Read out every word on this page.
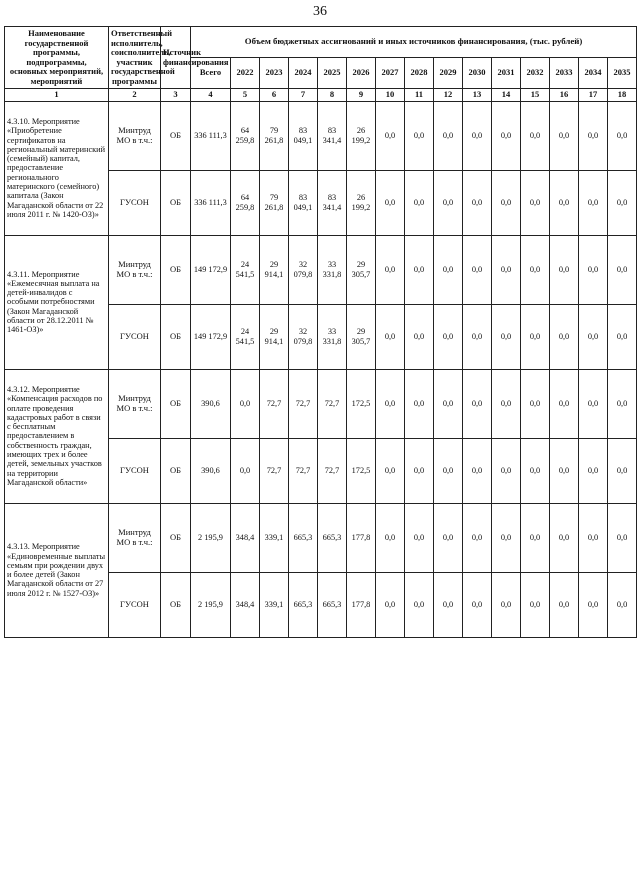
36
Наименование государственной программы, подпрограммы, основных мероприятий, мероприятий	Ответственный исполнитель, соисполнитель, участник государственной программы	Источник финансирования	Объем бюджетных ассигнований и иных источников финансирования, (тыс. рублей)														
			Всего	2022	2023	2024	2025	2026	2027	2028	2029	2030	2031	2032	2033	2034	2035
1	2	3	4	5	6	7	8	9	10	11	12	13	14	15	16	17	18
4.3.10. Мероприятие «Приобретение сертификатов на региональный материнский (семейный) капитал, предоставление регионального материнского (семейного) капитала (Закон Магаданской области от 22 июля 2011 г. № 1420-ОЗ)»	Минтруд МО в т.ч.:	ОБ	336 111,3	64 259,8	79 261,8	83 049,1	83 341,4	26 199,2	0,0	0,0	0,0	0,0	0,0	0,0	0,0	0,0	0,0
	ГУСОН	ОБ	336 111,3	64 259,8	79 261,8	83 049,1	83 341,4	26 199,2	0,0	0,0	0,0	0,0	0,0	0,0	0,0	0,0	0,0
4.3.11. Мероприятие «Ежемесячная выплата на детей-инвалидов с особыми потребностями (Закон Магаданской области от 28.12.2011 № 1461-ОЗ)»	Минтруд МО в т.ч.:	ОБ	149 172,9	24 541,5	29 914,1	32 079,8	33 331,8	29 305,7	0,0	0,0	0,0	0,0	0,0	0,0	0,0	0,0	0,0
	ГУСОН	ОБ	149 172,9	24 541,5	29 914,1	32 079,8	33 331,8	29 305,7	0,0	0,0	0,0	0,0	0,0	0,0	0,0	0,0	0,0
4.3.12. Мероприятие «Компенсация расходов по оплате проведения кадастровых работ в связи с бесплатным предоставлением в собственность граждан, имеющих трех и более детей, земельных участков на территории Магаданской области»	Минтруд МО в т.ч.:	ОБ	390,6	0,0	72,7	72,7	72,7	172,5	0,0	0,0	0,0	0,0	0,0	0,0	0,0	0,0	0,0
	ГУСОН	ОБ	390,6	0,0	72,7	72,7	72,7	172,5	0,0	0,0	0,0	0,0	0,0	0,0	0,0	0,0	0,0
4.3.13. Мероприятие «Единовременные выплаты семьям при рождении двух и более детей (Закон Магаданской области от 27 июля 2012 г. № 1527-ОЗ)»	Минтруд МО в т.ч.:	ОБ	2 195,9	348,4	339,1	665,3	665,3	177,8	0,0	0,0	0,0	0,0	0,0	0,0	0,0	0,0	0,0
	ГУСОН	ОБ	2 195,9	348,4	339,1	665,3	665,3	177,8	0,0	0,0	0,0	0,0	0,0	0,0	0,0	0,0	0,0
